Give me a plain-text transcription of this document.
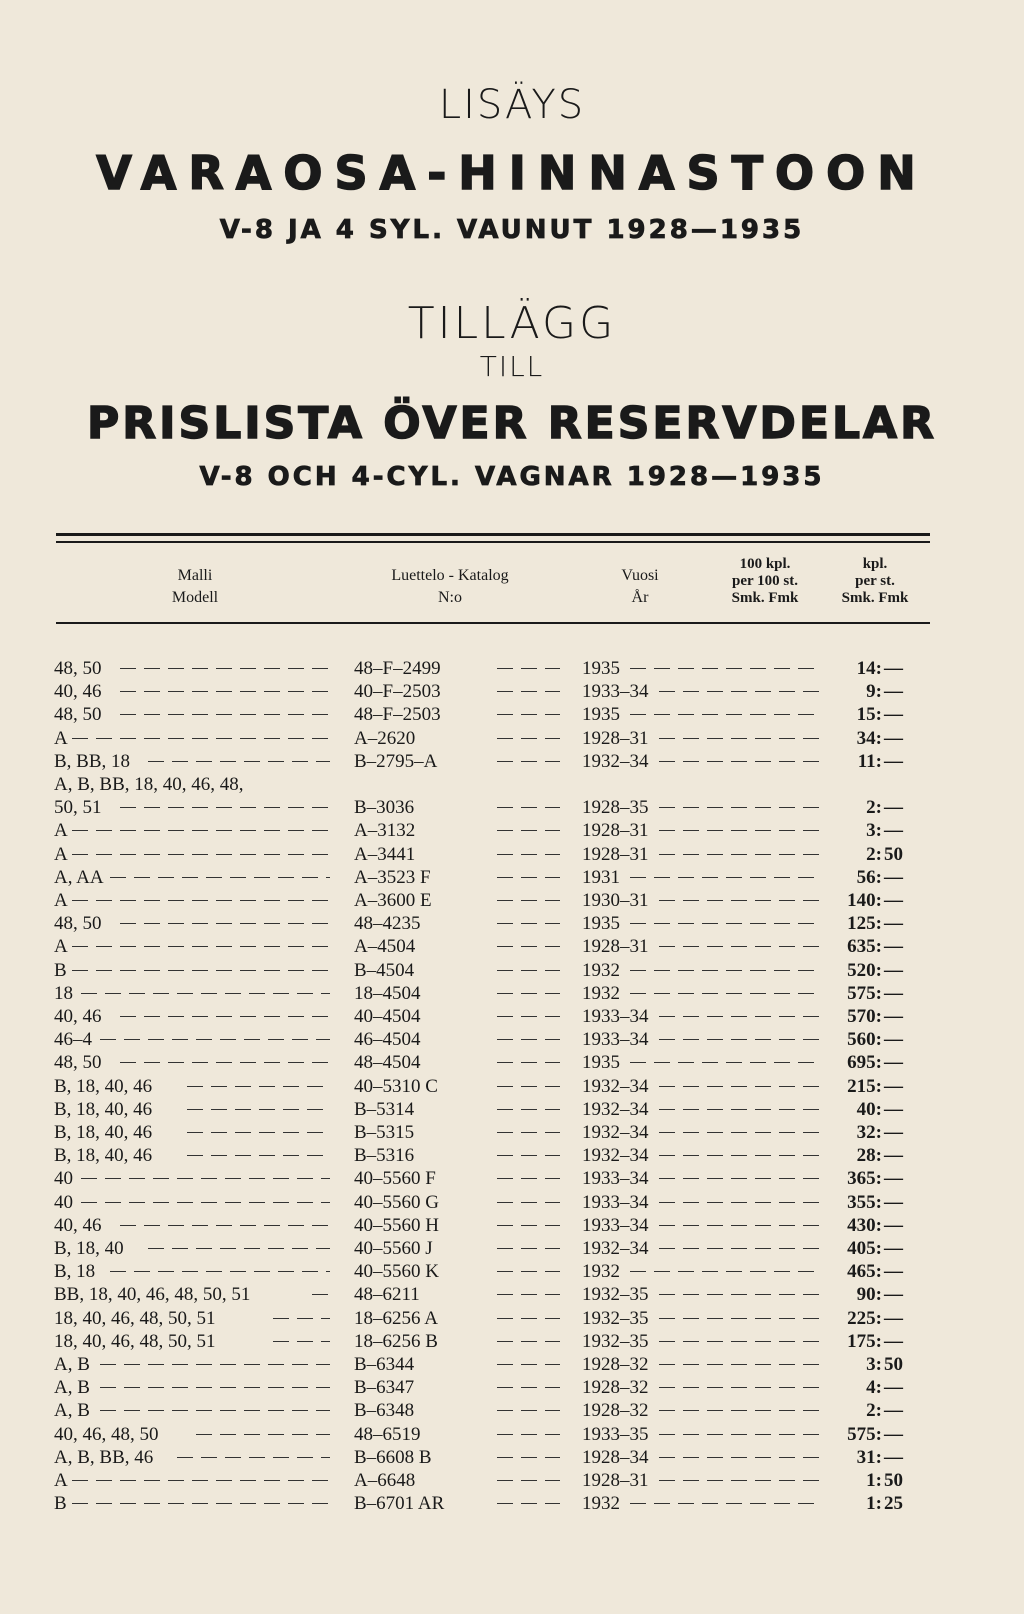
LISÄYS
VARAOSA-HINNASTOON
V-8 JA 4 SYL. VAUNUT 1928—1935
TILLÄGG
TILL
PRISLISTA ÖVER RESERVDELAR
V-8 OCH 4-CYL. VAGNAR 1928—1935
Malli
Modell
Luettelo - Katalog
N:o
Vuosi
År
100 kpl.
per 100 st.
Smk. Fmk
kpl.
per st.
Smk. Fmk
48, 50	48–F–2499	1935	14: —
40, 46	40–F–2503	1933–34	9: —
48, 50	48–F–2503	1935	15: —
A	A–2620	1928–31	34: —
B, BB, 18	B–2795–A	1932–34	11: —
A, B, BB, 18, 40, 46, 48,
50, 51	B–3036	1928–35	2: —
A	A–3132	1928–31	3: —
A	A–3441	1928–31	2: 50
A, AA	A–3523 F	1931	56: —
A	A–3600 E	1930–31	140: —
48, 50	48–4235	1935	125: —
A	A–4504	1928–31	635: —
B	B–4504	1932	520: —
18	18–4504	1932	575: —
40, 46	40–4504	1933–34	570: —
46–4	46–4504	1933–34	560: —
48, 50	48–4504	1935	695: —
B, 18, 40, 46	40–5310 C	1932–34	215: —
B, 18, 40, 46	B–5314	1932–34	40: —
B, 18, 40, 46	B–5315	1932–34	32: —
B, 18, 40, 46	B–5316	1932–34	28: —
40	40–5560 F	1933–34	365: —
40	40–5560 G	1933–34	355: —
40, 46	40–5560 H	1933–34	430: —
B, 18, 40	40–5560 J	1932–34	405: —
B, 18	40–5560 K	1932	465: —
BB, 18, 40, 46, 48, 50, 51	48–6211	1932–35	90: —
18, 40, 46, 48, 50, 51	18–6256 A	1932–35	225: —
18, 40, 46, 48, 50, 51	18–6256 B	1932–35	175: —
A, B	B–6344	1928–32	3: 50
A, B	B–6347	1928–32	4: —
A, B	B–6348	1928–32	2: —
40, 46, 48, 50	48–6519	1933–35	575: —
A, B, BB, 46	B–6608 B	1928–34	31: —
A	A–6648	1928–31	1: 50
B	B–6701 AR	1932	1: 25
